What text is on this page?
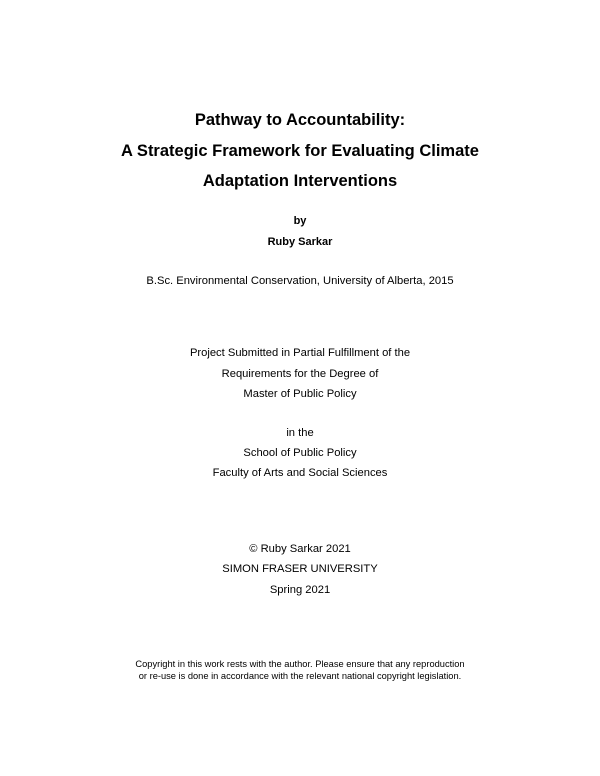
Pathway to Accountability:
A Strategic Framework for Evaluating Climate
Adaptation Interventions
by
Ruby Sarkar
B.Sc. Environmental Conservation, University of Alberta, 2015
Project Submitted in Partial Fulfillment of the
Requirements for the Degree of
Master of Public Policy
in the
School of Public Policy
Faculty of Arts and Social Sciences
© Ruby Sarkar 2021
SIMON FRASER UNIVERSITY
Spring 2021
Copyright in this work rests with the author. Please ensure that any reproduction
or re-use is done in accordance with the relevant national copyright legislation.
